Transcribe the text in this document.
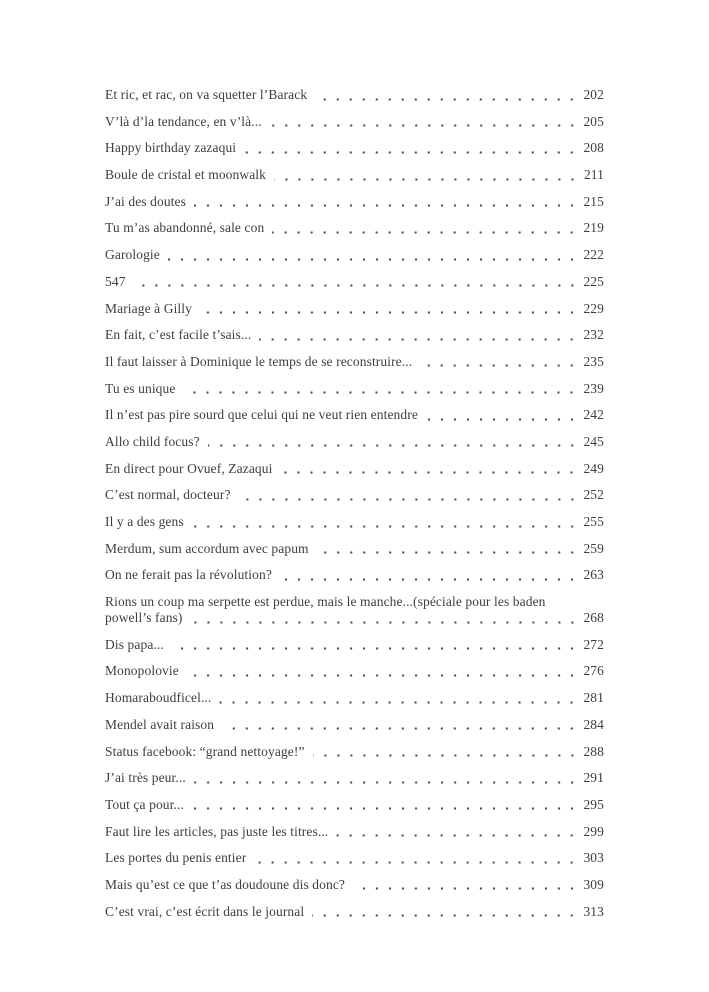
Et ric, et rac, on va squetter l’Barack	202
V’là d’la tendance, en v’là...	205
Happy birthday zazaqui	208
Boule de cristal et moonwalk	211
J’ai des doutes	215
Tu m’as abandonné, sale con	219
Garologie	222
547	225
Mariage à Gilly	229
En fait, c’est facile t’sais...	232
Il faut laisser à Dominique le temps de se reconstruire...	235
Tu es unique	239
Il n’est pas pire sourd que celui qui ne veut rien entendre	242
Allo child focus?	245
En direct pour Ovuef, Zazaqui	249
C’est normal, docteur?	252
Il y a des gens	255
Merdum, sum accordum avec papum	259
On ne ferait pas la révolution?	263
Rions un coup ma serpette est perdue, mais le manche...(spéciale pour les baden
powell’s fans)	268
Dis papa...	272
Monopolovie	276
Homaraboudficel...	281
Mendel avait raison	284
Status facebook: “grand nettoyage!”	288
J’ai très peur...	291
Tout ça pour...	295
Faut lire les articles, pas juste les titres...	299
Les portes du penis entier	303
Mais qu’est ce que t’as doudoune dis donc?	309
C’est vrai, c’est écrit dans le journal	313
